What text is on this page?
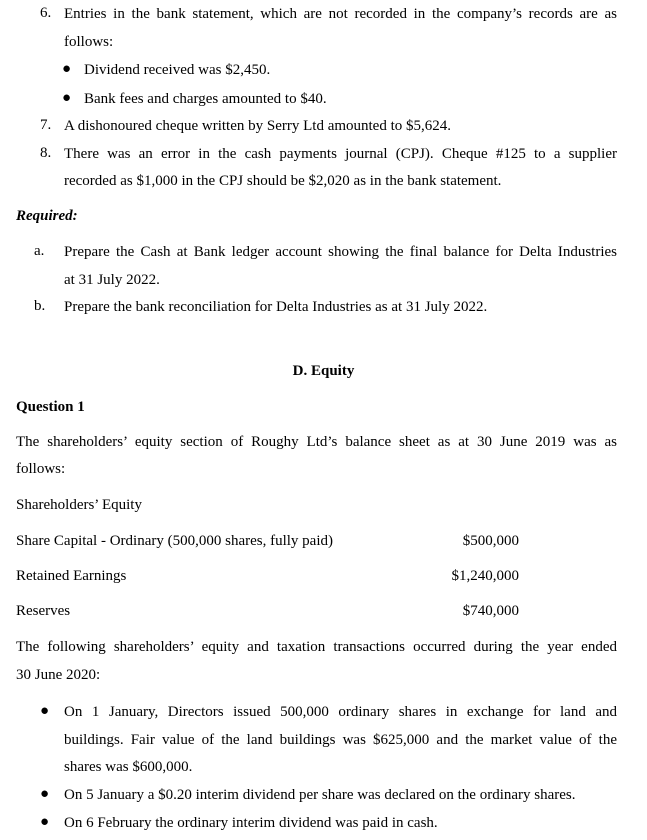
6. Entries in the bank statement, which are not recorded in the company’s records are as
follows:
● Dividend received was $2,450.
● Bank fees and charges amounted to $40.
7. A dishonoured cheque written by Serry Ltd amounted to $5,624.
8. There was an error in the cash payments journal (CPJ). Cheque #125 to a supplier
recorded as $1,000 in the CPJ should be $2,020 as in the bank statement.
Required:
a. Prepare the Cash at Bank ledger account showing the final balance for Delta Industries
at 31 July 2022.
b. Prepare the bank reconciliation for Delta Industries as at 31 July 2022.
D. Equity
Question 1
The shareholders’ equity section of Roughy Ltd’s balance sheet as at 30 June 2019 was as
follows:
Shareholders’ Equity
Share Capital - Ordinary (500,000 shares, fully paid)	$500,000
Retained Earnings	$1,240,000
Reserves	$740,000
The following shareholders’ equity and taxation transactions occurred during the year ended
30 June 2020:
● On 1 January, Directors issued 500,000 ordinary shares in exchange for land and
buildings. Fair value of the land buildings was $625,000 and the market value of the
shares was $600,000.
● On 5 January a $0.20 interim dividend per share was declared on the ordinary shares.
● On 6 February the ordinary interim dividend was paid in cash.
